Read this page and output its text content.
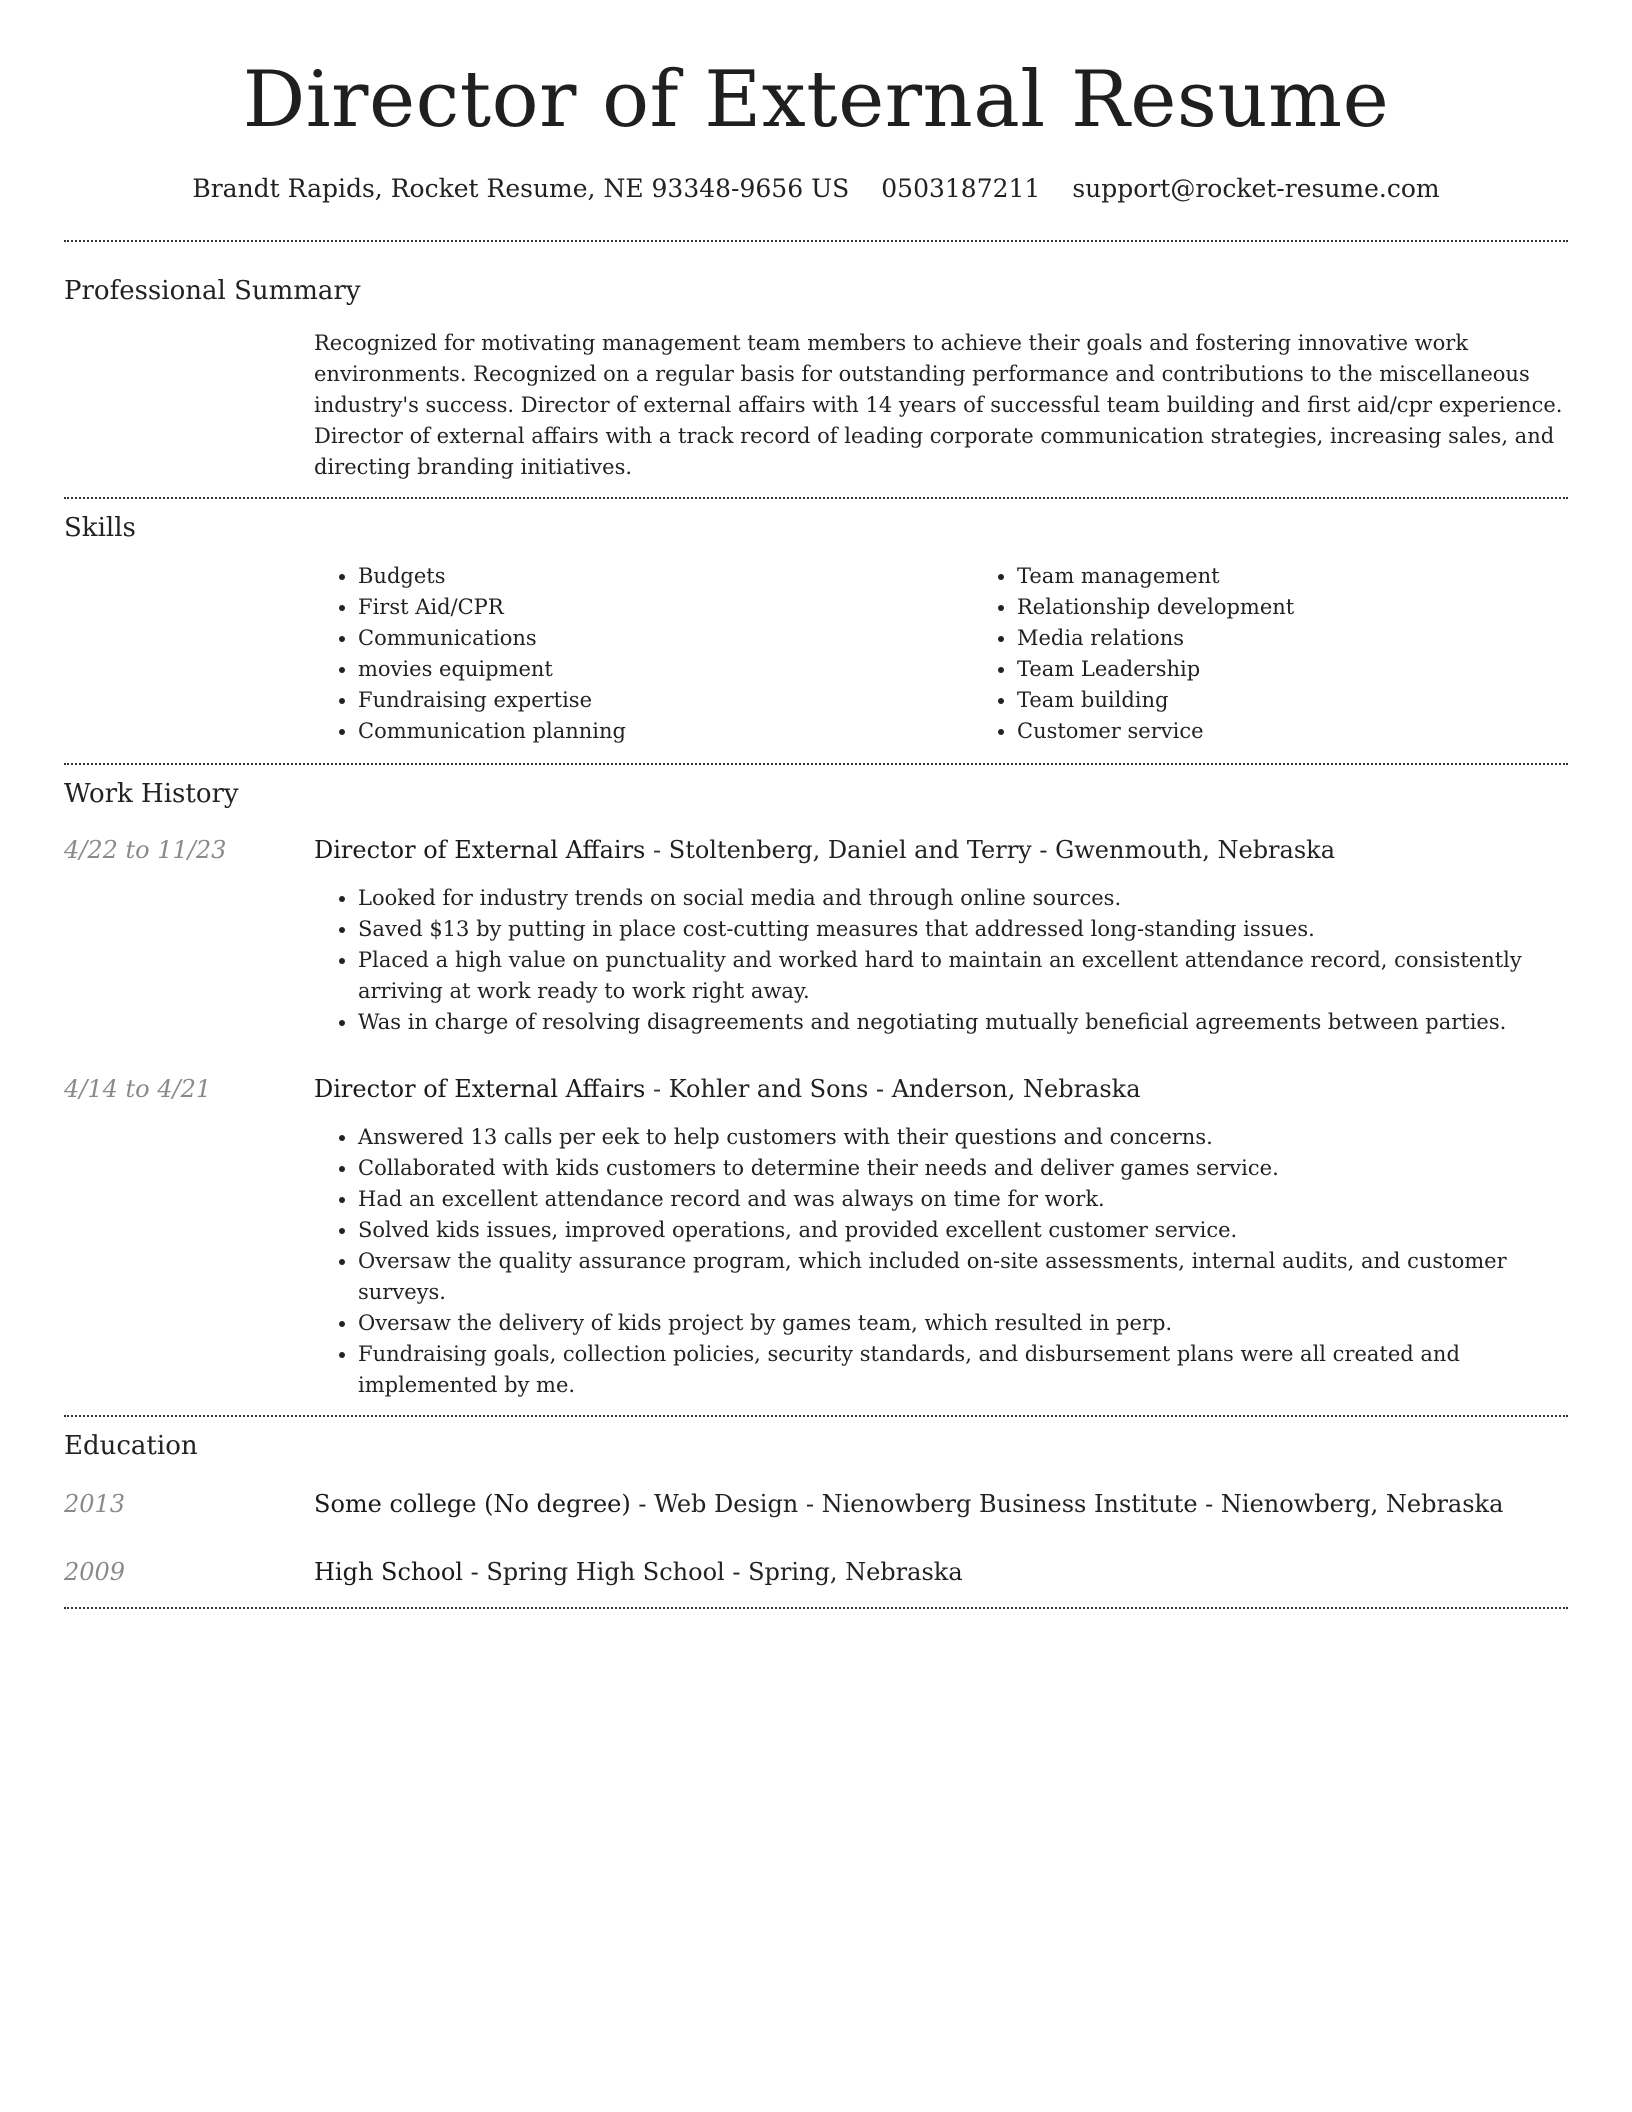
Director of External Resume
Brandt Rapids, Rocket Resume, NE 93348-9656 US 0503187211 support@rocket-resume.com
Professional Summary

Recognized for motivating management team members to achieve their goals and fostering innovative work environments. Recognized on a regular basis for outstanding performance and contributions to the miscellaneous industry's success. Director of external affairs with 14 years of successful team building and first aid/cpr experience. Director of external affairs with a track record of leading corporate communication strategies, increasing sales, and directing branding initiatives.

Skills
• Budgets
• First Aid/CPR
• Communications
• movies equipment
• Fundraising expertise
• Communication planning
• Team management
• Relationship development
• Media relations
• Team Leadership
• Team building
• Customer service
Work History
4/22 to 11/23	Director of External Affairs - Stoltenberg, Daniel and Terry - Gwenmouth, Nebraska
• Looked for industry trends on social media and through online sources.
• Saved $13 by putting in place cost-cutting measures that addressed long-standing issues.
• Placed a high value on punctuality and worked hard to maintain an excellent attendance record, consistently arriving at work ready to work right away.
• Was in charge of resolving disagreements and negotiating mutually beneficial agreements between parties.
4/14 to 4/21	Director of External Affairs - Kohler and Sons - Anderson, Nebraska
• Answered 13 calls per eek to help customers with their questions and concerns.
• Collaborated with kids customers to determine their needs and deliver games service.
• Had an excellent attendance record and was always on time for work.
• Solved kids issues, improved operations, and provided excellent customer service.
• Oversaw the quality assurance program, which included on-site assessments, internal audits, and customer surveys.
• Oversaw the delivery of kids project by games team, which resulted in perp.
• Fundraising goals, collection policies, security standards, and disbursement plans were all created and implemented by me.
Education
2013	Some college (No degree) - Web Design - Nienowberg Business Institute - Nienowberg, Nebraska
2009	High School - Spring High School - Spring, Nebraska
